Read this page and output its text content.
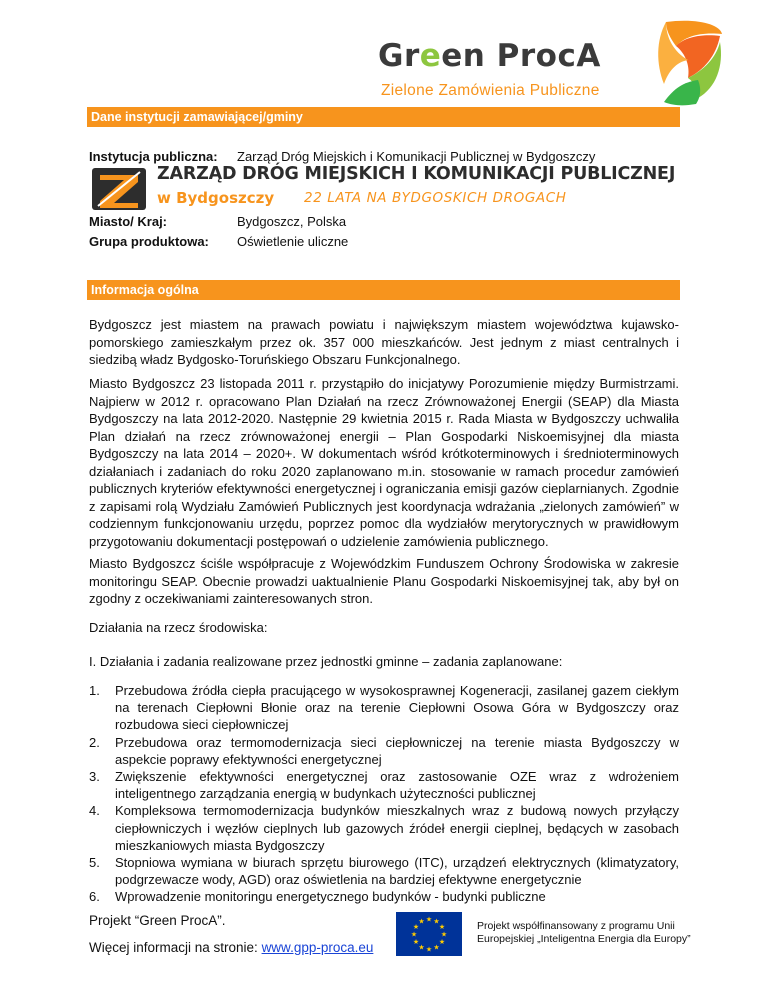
Green ProcA
Zielone Zamówienia Publiczne
Dane instytucji zamawiającej/gminy
Instytucja publiczna: Zarząd Dróg Miejskich i Komunikacji Publicznej w Bydgoszczy
ZARZĄD DRÓG MIEJSKICH I KOMUNIKACJI PUBLICZNEJ
w Bydgoszczy 22 LATA NA BYDGOSKICH DROGACH
Miasto/ Kraj:	Bydgoszcz, Polska
Grupa produktowa: Oświetlenie uliczne
Informacja ogólna

Bydgoszcz jest miastem na prawach powiatu i największym miastem województwa kujawsko-pomorskiego zamieszkałym przez ok. 357 000 mieszkańców. Jest jednym z miast centralnych i siedzibą władz Bydgosko-Toruńskiego Obszaru Funkcjonalnego.

Miasto Bydgoszcz 23 listopada 2011 r. przystąpiło do inicjatywy Porozumienie między Burmistrzami. Najpierw w 2012 r. opracowano Plan Działań na rzecz Zrównoważonej Energii (SEAP) dla Miasta Bydgoszczy na lata 2012-2020. Następnie 29 kwietnia 2015 r. Rada Miasta w Bydgoszczy uchwaliła Plan działań na rzecz zrównoważonej energii – Plan Gospodarki Niskoemisyjnej dla miasta Bydgoszczy na lata 2014 – 2020+. W dokumentach wśród krótkoterminowych i średnioterminowych działaniach i zadaniach do roku 2020 zaplanowano m.in. stosowanie w ramach procedur zamówień publicznych kryteriów efektywności energetycznej i ograniczania emisji gazów cieplarnianych. Zgodnie z zapisami rolą Wydziału Zamówień Publicznych jest koordynacja wdrażania „zielonych zamówień” w codziennym funkcjonowaniu urzędu, poprzez pomoc dla wydziałów merytorycznych w prawidłowym przygotowaniu dokumentacji postępowań o udzielenie zamówienia publicznego.

Miasto Bydgoszcz ściśle współpracuje z Wojewódzkim Funduszem Ochrony Środowiska w zakresie monitoringu SEAP. Obecnie prowadzi uaktualnienie Planu Gospodarki Niskoemisyjnej tak, aby był on zgodny z oczekiwaniami zainteresowanych stron.

Działania na rzecz środowiska:
I. Działania i zadania realizowane przez jednostki gminne – zadania zaplanowane:
1. Przebudowa źródła ciepła pracującego w wysokosprawnej Kogeneracji, zasilanej gazem ciekłym na terenach Ciepłowni Błonie oraz na terenie Ciepłowni Osowa Góra w Bydgoszczy oraz rozbudowa sieci ciepłowniczej
2. Przebudowa oraz termomodernizacja sieci ciepłowniczej na terenie miasta Bydgoszczy w aspekcie poprawy efektywności energetycznej
3. Zwiększenie efektywności energetycznej oraz zastosowanie OZE wraz z wdrożeniem inteligentnego zarządzania energią w budynkach użyteczności publicznej
4. Kompleksowa termomodernizacja budynków mieszkalnych wraz z budową nowych przyłączy ciepłowniczych i węzłów cieplnych lub gazowych źródeł energii cieplnej, będących w zasobach mieszkaniowych miasta Bydgoszczy
5. Stopniowa wymiana w biurach sprzętu biurowego (ITC), urządzeń elektrycznych (klimatyzatory, podgrzewacze wody, AGD) oraz oświetlenia na bardziej efektywne energetycznie
6. Wprowadzenie monitoringu energetycznego budynków - budynki publiczne
Projekt “Green ProcA”.
Więcej informacji na stronie: www.gpp-proca.eu
★ ★
★
★
★
★
★
★
★
★
★
★	Projekt współfinansowany z programu Unii
Europejskiej „Inteligentna Energia dla Europy”
